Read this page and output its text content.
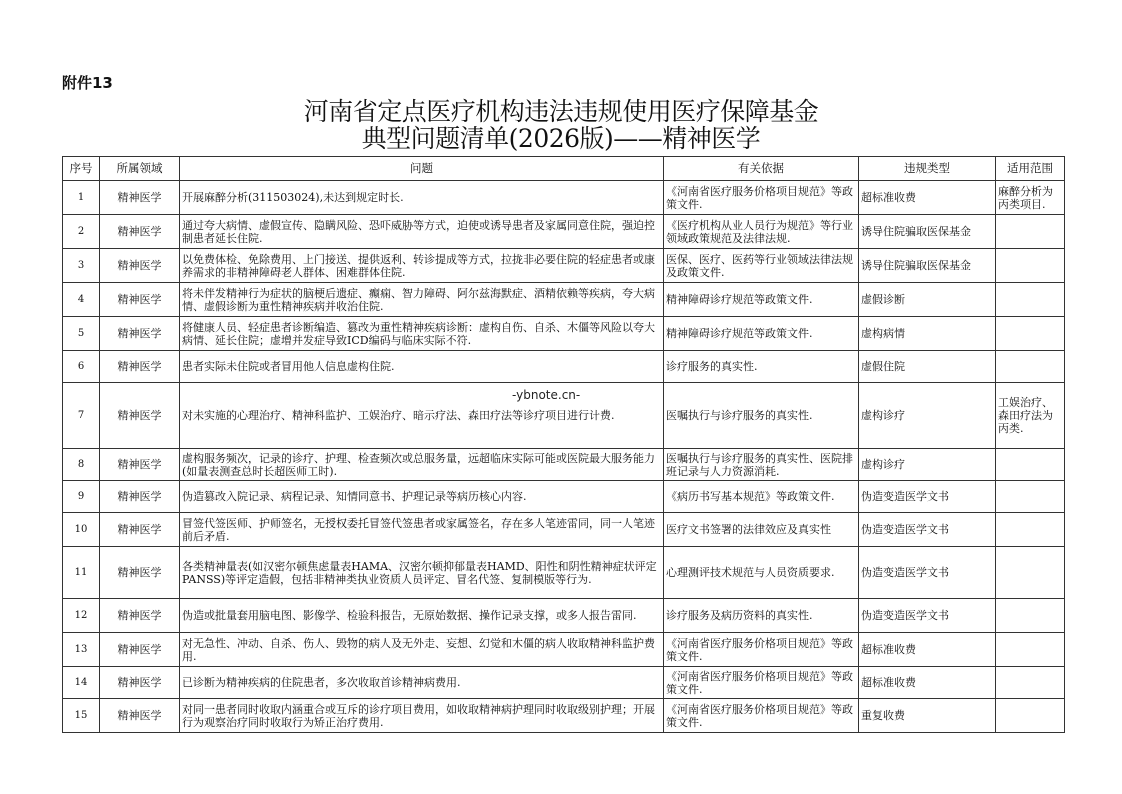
附件13
河南省定点医疗机构违法违规使用医疗保障基金
典型问题清单(2026版)——精神医学
序号	所属领域	问题	有关依据	违规类型	适用范围
1	精神医学	开展麻醉分析(311503024),未达到规定时长.	《河南省医疗服务价格项目规范》等政策文件.	超标准收费	麻醉分析为丙类项目.
2	精神医学	通过夸大病情、虚假宣传、隐瞒风险、恐吓威胁等方式，迫使或诱导患者及家属同意住院，强迫控制患者延长住院.	《医疗机构从业人员行为规范》等行业领域政策规范及法律法规.	诱导住院骗取医保基金	
3	精神医学	以免费体检、免除费用、上门接送、提供返利、转诊提成等方式，拉拢非必要住院的轻症患者或康养需求的非精神障碍老人群体、困难群体住院.	医保、医疗、医药等行业领域法律法规及政策文件.	诱导住院骗取医保基金	
4	精神医学	将未伴发精神行为症状的脑梗后遗症、癫痫、智力障碍、阿尔兹海默症、酒精依赖等疾病，夸大病情、虚假诊断为重性精神疾病并收治住院.	精神障碍诊疗规范等政策文件.	虚假诊断	
5	精神医学	将健康人员、轻症患者诊断编造、篡改为重性精神疾病诊断：虚构自伤、自杀、木僵等风险以夸大病情、延长住院；虚增并发症导致ICD编码与临床实际不符.	精神障碍诊疗规范等政策文件.	虚构病情	
6	精神医学	患者实际未住院或者冒用他人信息虚构住院.	诊疗服务的真实性.	虚假住院	
7	精神医学	对未实施的心理治疗、精神科监护、工娱治疗、暗示疗法、森田疗法等诊疗项目进行计费.	医嘱执行与诊疗服务的真实性.	虚构诊疗	工娱治疗、森田疗法为丙类.
8	精神医学	虚构服务频次，记录的诊疗、护理、检查频次或总服务量，远超临床实际可能或医院最大服务能力(如量表测查总时长超医师工时).	医嘱执行与诊疗服务的真实性、医院排班记录与人力资源消耗.	虚构诊疗	
9	精神医学	伪造篡改入院记录、病程记录、知情同意书、护理记录等病历核心内容.	《病历书写基本规范》等政策文件.	伪造变造医学文书	
10	精神医学	冒签代签医师、护师签名，无授权委托冒签代签患者或家属签名，存在多人笔迹雷同，同一人笔迹前后矛盾.	医疗文书签署的法律效应及真实性	伪造变造医学文书	
11	精神医学	各类精神量表(如汉密尔顿焦虑量表HAMA、汉密尔顿抑郁量表HAMD、阳性和阴性精神症状评定PANSS)等评定造假，包括非精神类执业资质人员评定、冒名代签、复制模版等行为.	心理测评技术规范与人员资质要求.	伪造变造医学文书	
12	精神医学	伪造或批量套用脑电图、影像学、检验科报告，无原始数据、操作记录支撑，或多人报告雷同.	诊疗服务及病历资料的真实性.	伪造变造医学文书	
13	精神医学	对无急性、冲动、自杀、伤人、毁物的病人及无外走、妄想、幻觉和木僵的病人收取精神科监护费用.	《河南省医疗服务价格项目规范》等政策文件.	超标准收费	
14	精神医学	已诊断为精神疾病的住院患者，多次收取首诊精神病费用.	《河南省医疗服务价格项目规范》等政策文件.	超标准收费	
15	精神医学	对同一患者同时收取内涵重合或互斥的诊疗项目费用，如收取精神病护理同时收取级别护理；开展行为观察治疗同时收取行为矫正治疗费用.	《河南省医疗服务价格项目规范》等政策文件.	重复收费	
-ybnote.cn-
